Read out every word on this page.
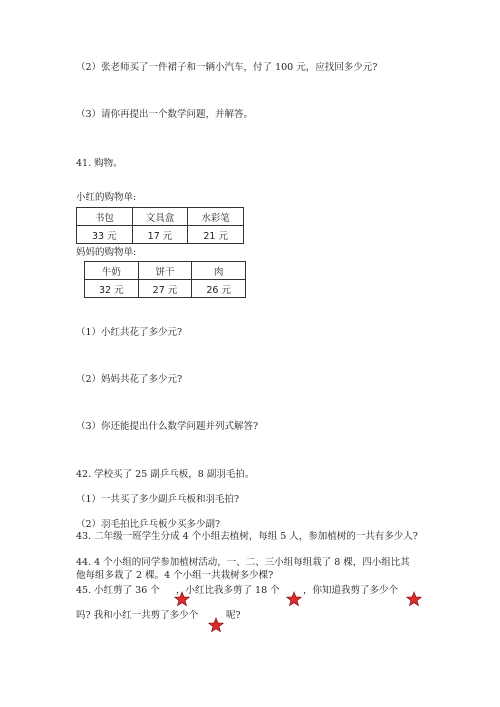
（2）张老师买了一件裙子和一辆小汽车，付了 100 元，应找回多少元?
（3）请你再提出一个数学问题，并解答。
41. 购物。
小红的购物单:
书包	文具盒	水彩笔
33 元	17 元	21 元
妈妈的购物单:
牛奶	饼干	肉
32 元	27 元	26 元
（1）小红共花了多少元?
（2）妈妈共花了多少元?
（3）你还能提出什么数学问题并列式解答?
42. 学校买了 25 副乒乓板，8 副羽毛拍。
（1）一共买了多少副乒乓板和羽毛拍?
（2）羽毛拍比乒乓板少买多少副?
43. 二年级一班学生分成 4 个小组去植树，每组 5 人，参加植树的一共有多少人?
44. 4 个小组的同学参加植树活动，一、二、三小组每组栽了 8 棵，四小组比其
他每组多栽了 2 棵。4 个小组一共栽树多少棵?
45. 小红剪了 36 个 ，小红比我多剪了 18 个 ，你知道我剪了多少个
吗? 我和小红一共剪了多少个	呢?
